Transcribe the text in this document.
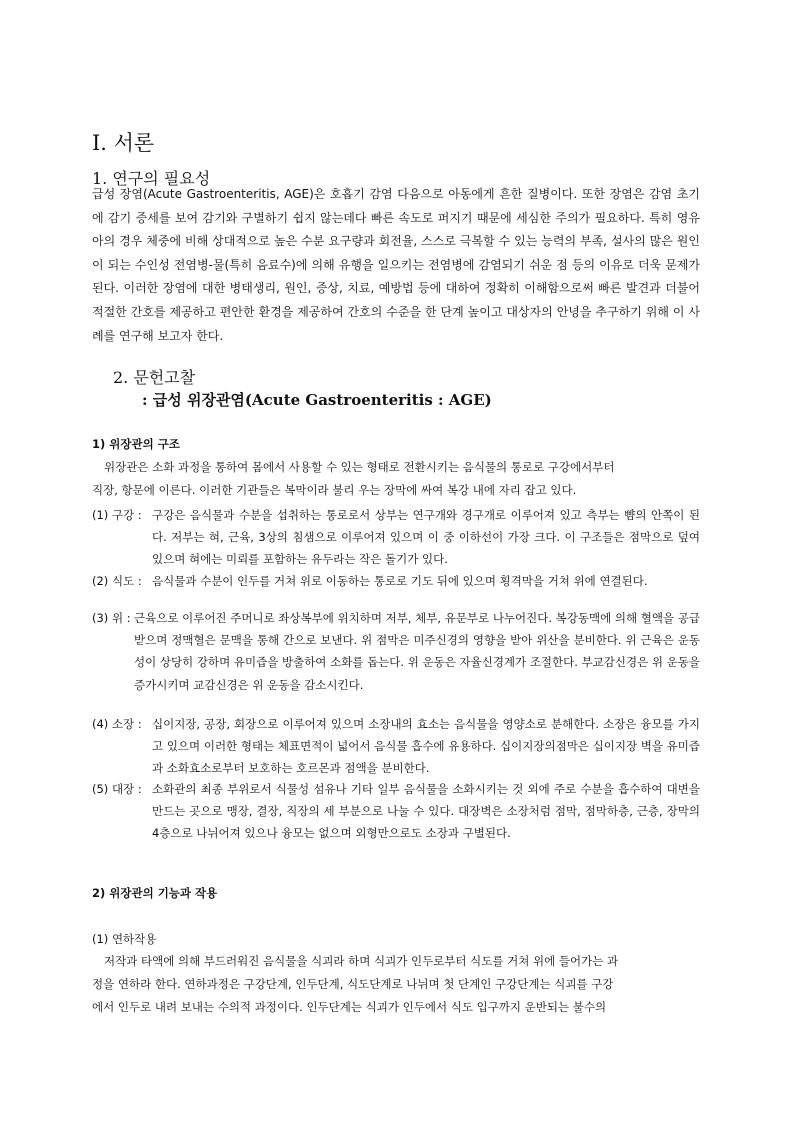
Ⅰ. 서론
1. 연구의 필요성
급성 장염(Acute Gastroenteritis, AGE)은 호흡기 감염 다음으로 아동에게 흔한 질병이다. 또한 장염은 감염 초기에 감기 증세를 보여 감기와 구별하기 쉽지 않는데다 빠른 속도로 퍼지기 때문에 세심한 주의가 필요하다. 특히 영유아의 경우 체중에 비해 상대적으로 높은 수분 요구량과 회전율, 스스로 극복할 수 있는 능력의 부족, 설사의 많은 원인이 되는 수인성 전염병-물(특히 음료수)에 의해 유행을 일으키는 전염병에 감염되기 쉬운 점 등의 이유로 더욱 문제가 된다. 이러한 장염에 대한 병태생리, 원인, 증상, 치료, 예방법 등에 대하여 정확히 이해함으로써 빠른 발견과 더불어 적절한 간호를 제공하고 편안한 환경을 제공하여 간호의 수준을 한 단계 높이고 대상자의 안녕을 추구하기 위해 이 사례를 연구해 보고자 한다.
2. 문헌고찰
: 급성 위장관염(Acute Gastroenteritis : AGE)
1) 위장관의 구조
위장관은 소화 과정을 통하여 몸에서 사용할 수 있는 형태로 전환시키는 음식물의 통로로 구강에서부터
직장, 항문에 이른다. 이러한 기관들은 복막이라 불리 우는 장막에 싸여 복강 내에 자리 잡고 있다.
(1) 구강 : 구강은 음식물과 수분을 섭취하는 통로로서 상부는 연구개와 경구개로 이루어져 있고 측부는 뺨의 안쪽이 된다. 저부는 혀, 근육, 3상의 침샘으로 이루어져 있으며 이 중 이하선이 가장 크다. 이 구조들은 점막으로 덮여 있으며 혀에는 미뢰를 포함하는 유두라는 작은 돌기가 있다.
(2) 식도 : 음식물과 수분이 인두를 거쳐 위로 이동하는 통로로 기도 뒤에 있으며 횡격막을 거쳐 위에 연결된다.
(3) 위 : 근육으로 이루어진 주머니로 좌상복부에 위치하며 저부, 체부, 유문부로 나누어진다. 복강동맥에 의해 혈액을 공급받으며 정맥혈은 문맥을 통해 간으로 보낸다. 위 점막은 미주신경의 영향을 받아 위산을 분비한다. 위 근육은 운동성이 상당히 강하며 유미즙을 방출하여 소화를 돕는다. 위 운동은 자율신경계가 조절한다. 부교감신경은 위 운동을 증가시키며 교감신경은 위 운동을 감소시킨다.
(4) 소장 : 십이지장, 공장, 회장으로 이루어져 있으며 소장내의 효소는 음식물을 영양소로 분해한다. 소장은 융모를 가지고 있으며 이러한 형태는 체표면적이 넓어서 음식물 흡수에 유용하다. 십이지장의점막은 십이지장 벽을 유미즙과 소화효소로부터 보호하는 호르몬과 점액을 분비한다.
(5) 대장 : 소화관의 최종 부위로서 식물성 섬유나 기타 일부 음식물을 소화시키는 것 외에 주로 수분을 흡수하여 대변을 만드는 곳으로 맹장, 결장, 직장의 세 부분으로 나눌 수 있다. 대장벽은 소장처럼 점막, 점막하층, 근층, 장막의 4층으로 나뉘어져 있으나 융모는 없으며 외형만으로도 소장과 구별된다.
2) 위장관의 기능과 작용
(1) 연하작용
저작과 타액에 의해 부드러워진 음식물을 식괴라 하며 식괴가 인두로부터 식도를 거쳐 위에 들어가는 과
정을 연하라 한다. 연하과정은 구강단계, 인두단계, 식도단계로 나뉘며 첫 단계인 구강단계는 식괴를 구강
에서 인두로 내려 보내는 수의적 과정이다. 인두단계는 식괴가 인두에서 식도 입구까지 운반되는 불수의
